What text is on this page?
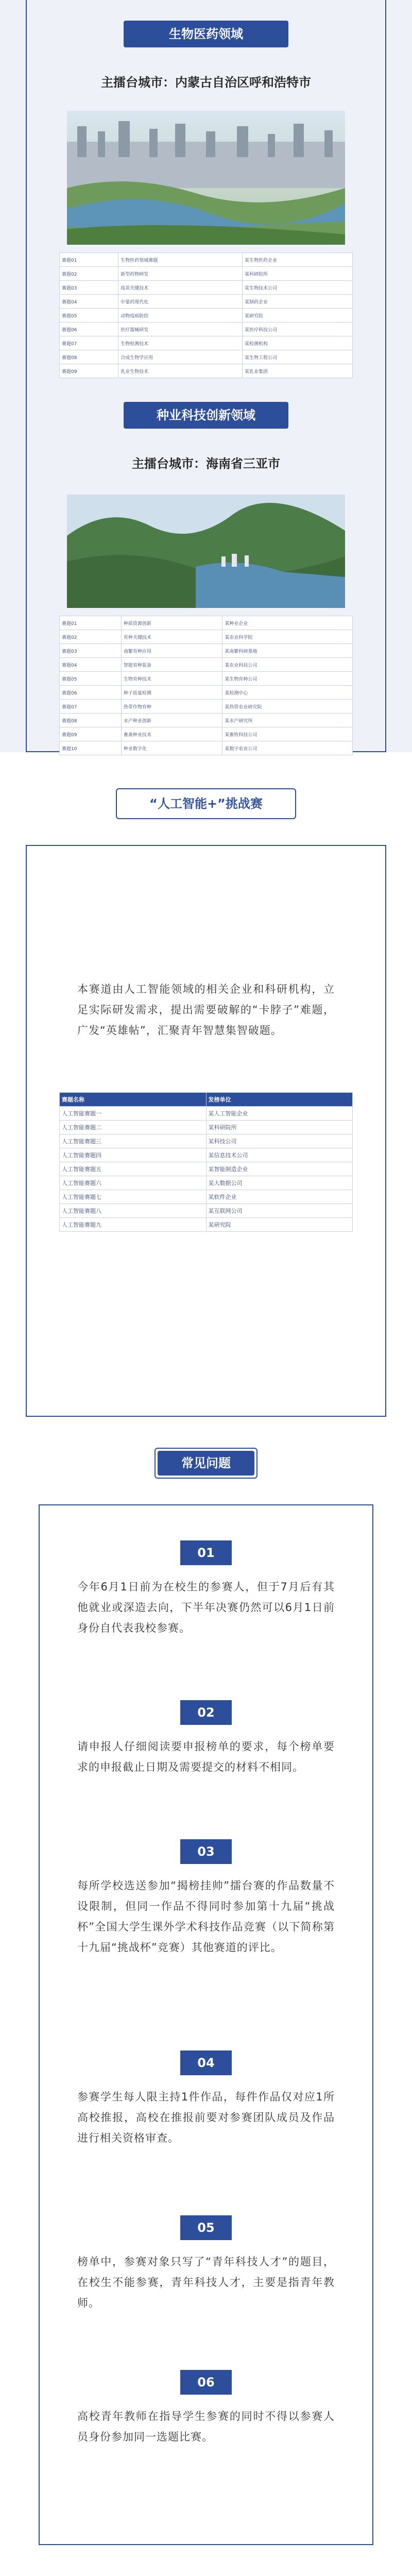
生物医药领域
主擂台城市：内蒙古自治区呼和浩特市
赛题01	生物医药领域赛题	某生物医药企业
赛题02	新型药物研发	某科研院所
赛题03	疫苗关键技术	某生物技术公司
赛题04	中蒙药现代化	某制药企业
赛题05	动物疫病防控	某研究院
赛题06	医疗器械研发	某医疗科技公司
赛题07	生物检测技术	某检测机构
赛题08	合成生物学应用	某生物工程公司
赛题09	乳业生物技术	某乳业集团
种业科技创新领域
主擂台城市：海南省三亚市
赛题01	种质资源创新	某种业企业
赛题02	育种关键技术	某农业科学院
赛题03	南繁育种应用	某南繁科研基地
赛题04	智能育种装备	某农业科技公司
赛题05	生物育种技术	某生物育种公司
赛题06	种子质量检测	某检测中心
赛题07	热带作物育种	某热带农业研究院
赛题08	水产种业创新	某水产研究所
赛题09	畜禽种业技术	某畜牧科技公司
赛题10	种业数字化	某数字农业公司
“人工智能+”挑战赛
本赛道由人工智能领域的相关企业和科研机构，立足实际研发需求，提出需要破解的“卡脖子”难题，广发“英雄帖”，汇聚青年智慧集智破题。
赛题名称	发榜单位
人工智能赛题一	某人工智能企业
人工智能赛题二	某科研院所
人工智能赛题三	某科技公司
人工智能赛题四	某信息技术公司
人工智能赛题五	某智能制造企业
人工智能赛题六	某大数据公司
人工智能赛题七	某软件企业
人工智能赛题八	某互联网公司
人工智能赛题九	某研究院
常见问题
01
今年6月1日前为在校生的参赛人，但于7月后有其他就业或深造去向，下半年决赛仍然可以6月1日前身份自代表我校参赛。
02
请申报人仔细阅读要申报榜单的要求，每个榜单要求的申报截止日期及需要提交的材料不相同。
03
每所学校选送参加“揭榜挂帅”擂台赛的作品数量不设限制，但同一作品不得同时参加第十九届“挑战杯”全国大学生课外学术科技作品竞赛（以下简称第十九届“挑战杯”竞赛）其他赛道的评比。
04
参赛学生每人限主持1件作品，每件作品仅对应1所高校推报，高校在推报前要对参赛团队成员及作品进行相关资格审查。
05
榜单中，参赛对象只写了“青年科技人才”的题目，在校生不能参赛，青年科技人才，主要是指青年教师。
06
高校青年教师在指导学生参赛的同时不得以参赛人员身份参加同一选题比赛。
